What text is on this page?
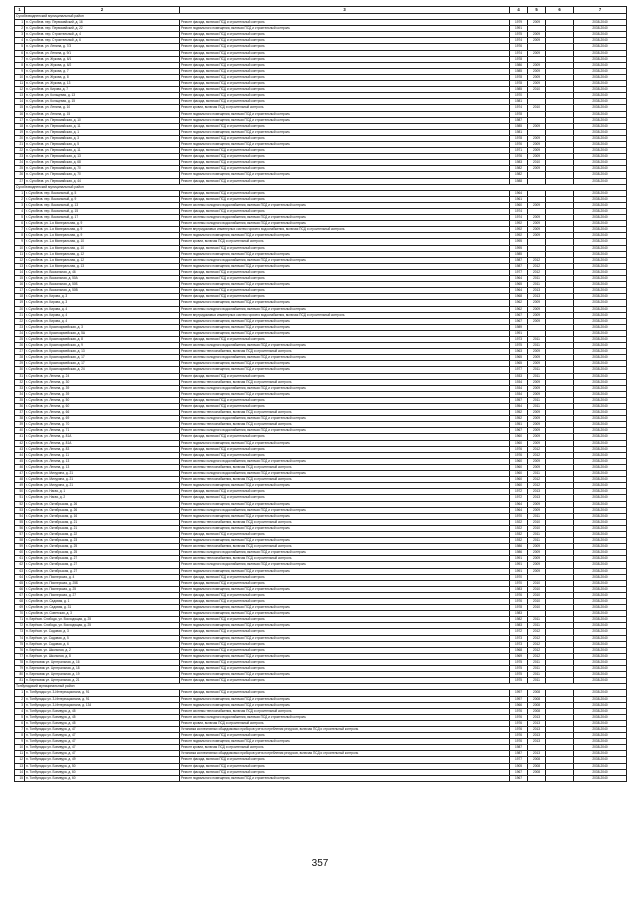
1	2	3	4	5	6	7
Сухобезводненский муниципальный район						
1	п. Сухобезв. пер. Первомайский, д. 16	Ремонт фасада, включая ПСД и строительный контроль	1979	2009		2038-2040
2	п. Сухобезв. пер. Первомайский, д. 22	Ремонт подвального помещения, включая ПСД и строительный контроль	1991			2038-2040
3	п. Сухобезв. пер. Строительный, д. 4	Ремонт фасада, включая ПСД и строительный контроль	1975	2009		2038-2040
4	п. Сухобезв. пер. Строительный, д. 6	Ремонт фасада, включая ПСД и строительный контроль	1974	2009		2038-2040
5	п. Сухобезв. ул. Ленина, д. 7/3	Ремонт фасада, включая ПСД и строительный контроль	1976			2038-2040
6	п. Сухобезв. ул. Ленина, д. 9/1	Ремонт фасада, включая ПСД и строительный контроль	1974	2009		2038-2040
7	п. Сухобезв. ул. Жукова, д. 6/1	Ремонт фасада, включая ПСД и строительный контроль	1978			2038-2040
8	п. Сухобезв. ул. Жукова, д. 6/2	Ремонт фасада, включая ПСД и строительный контроль	1986	2009		2038-2040
9	п. Сухобезв. ул. Жукова, д. 7	Ремонт фасада, включая ПСД и строительный контроль	1985	2009		2038-2040
10	п. Сухобезв. ул. Жукова, д. 8	Ремонт фасада, включая ПСД и строительный контроль	1978	2009		2038-2040
11	п. Сухобезв. ул. Жукова, д. 13	Ремонт фасада, включая ПСД и строительный контроль	1978	2009		2038-2040
12	п. Сухобезв. ул. Кирова, д. 7	Ремонт фасада, включая ПСД и строительный контроль	1985	2010		2038-2040
13	п. Сухобезв. ул. Кольцевая, д. 13	Ремонт фасада, включая ПСД и строительный контроль	1970			2038-2040
14	п. Сухобезв. ул. Кольцевая, д. 15	Ремонт фасада, включая ПСД и строительный контроль	1981			2038-2040
15	п. Сухобезв. ул. Ленина, д. 10	Ремонт кровли, включая ПСД и строительный контроль	1974	2010		2038-2040
16	п. Сухобезв. ул. Ленина, д. 15	Ремонт подвального помещения, включая ПСД и строительный контроль	1978			2038-2040
17	п. Сухобезв. ул. Первомайская, д. 10	Ремонт подвального помещения, включая ПСД и строительный контроль	1987			2038-2040
18	п. Сухобезв. ул. Первомайская, д. 11	Ремонт фасада, включая ПСД и строительный контроль	1985	2009		2038-2040
19	п. Сухобезв. ул. Первомайская, д. 1	Ремонт подвального помещения, включая ПСД и строительный контроль	1981			2038-2040
20	п. Сухобезв. ул. Первомайская, д. 3	Ремонт фасада, включая ПСД и строительный контроль	1978	2009		2038-2040
21	п. Сухобезв. ул. Первомайская, д. 5	Ремонт подвального помещения, включая ПСД и строительный контроль	1976	2009		2038-2040
22	п. Сухобезв. ул. Первомайская, д. 11	Ремонт фасада, включая ПСД и строительный контроль	1971	2009		2038-2040
23	п. Сухобезв. ул. Первомайская, д. 13	Ремонт фасада, включая ПСД и строительный контроль	1976	2009		2038-2040
24	п. Сухобезв. ул. Первомайская, д. 68	Ремонт фасада, включая ПСД и строительный контроль	1983	2010		2038-2040
25	п. Сухобезв. ул. Первомайская, д. 70	Ремонт фасада, включая ПСД и строительный контроль	1982	2009		2038-2040
26	п. Сухобезв. ул. Первомайская, д. 70	Ремонт подвального помещения, включая ПСД и строительный контроль	1982			2038-2040
27	п. Сухобезв. ул. Первомайская, д. 44	Ремонт фасада, включая ПСД и строительный контроль	1988			2038-2040
Сухобезводненский муниципальный район						
1	г. Сухобезв. пер. Вокзальный, д. 5	Ремонт фасада, включая ПСД и строительный контроль	1964			2038-2040
2	г. Сухобезв. пер. Вокзальный, д. 9	Ремонт фасада, включая ПСД и строительный контроль	1961			2038-2040
3	г. Сухобезв. пер. Вокзальный, д. 13	Ремонт системы холодного водоснабжения, включая ПСД и строительный контроль	1960	2009		2038-2040
4	г. Сухобезв. пер. Вокзальный, д. 15	Ремонт фасада, включая ПСД и строительный контроль	1974			2038-2040
5	г. Сухобезв. пер. Вокзальный, д. 17	Ремонт системы холодного водоснабжения, включая ПСД и строительный контроль	1974	2009		2038-2040
6	г. Сухобезв. ул. 1-я Минеральная, д. 9	Ремонт системы холодного водоснабжения, включая ПСД и строительный контроль	1992	2009		2038-2040
7	г. Сухобезв. ул. 1-я Минеральная, д. 9	Ремонт внутридомовых инженерных систем горячего водоснабжения, включая ПСД и строительный контроль	1992	2009		2038-2040
8	г. Сухобезв. ул. 1-я Минеральная, д. 9	Ремонт подвального помещения, включая ПСД и строительный контроль	1992	2009		2038-2040
9	г. Сухобезв. ул. 1-я Минеральная, д. 10	Ремонт кровли, включая ПСД и строительный контроль	1995			2038-2040
10	г. Сухобезв. ул. 1-я Минеральная, д. 10	Ремонт фасада, включая ПСД и строительный контроль	1995			2038-2040
11	г. Сухобезв. ул. 1-я Минеральная, д. 12	Ремонт подвального помещения, включая ПСД и строительный контроль	1985			2038-2040
12	г. Сухобезв. ул. 1-я Минеральная, д. 12	Ремонт системы холодного водоснабжения, включая ПСД и строительный контроль	1987	2012		2038-2040
13	г. Сухобезв. ул. 1-я Минеральная, д. 13	Ремонт подвального помещения, включая ПСД и строительный контроль	1987	2012		2038-2040
14	г. Сухобезв. ул. Вокзальная, д. 46	Ремонт фасада, включая ПСД и строительный контроль	1977	2012		2038-2040
15	г. Сухобезв. ул. Вокзальная, д. 50А	Ремонт фасада, включая ПСД и строительный контроль	1964	2011		2038-2040
16	г. Сухобезв. ул. Вокзальная, д. 50Б	Ремонт подвального помещения, включая ПСД и строительный контроль	1965	2011		2038-2040
17	г. Сухобезв. ул. Вокзальная, д. 50В	Ремонт фасада, включая ПСД и строительный контроль	1964	2013		2038-2040
18	г. Сухобезв. ул. Кирова, д. 3	Ремонт фасада, включая ПСД и строительный контроль	1968	2013		2038-2040
19	г. Сухобезв. ул. Кирова, д. 3	Ремонт подвального помещения, включая ПСД и строительный контроль	1962	2009		2038-2040
20	г. Сухобезв. ул. Кирова, д. 4	Ремонт системы холодного водоснабжения, включая ПСД и строительный контроль	1962	2009		2038-2040
21	г. Сухобезв. ул. Кирова, д. 4	Ремонт внутридомовых инженерных систем горячего водоснабжения, включая ПСД и строительный контроль	1967	2009		2038-2040
22	г. Сухобезв. ул. Кирова, д. 4	Ремонт подвального помещения, включая ПСД и строительный контроль	1967	2009		2038-2040
23	г. Сухобезв. ул. Красноармейская, д. 3	Ремонт подвального помещения, включая ПСД и строительный контроль	1989			2038-2040
24	г. Сухобезв. ул. Красноармейская, д. 5А	Ремонт подвального помещения, включая ПСД и строительный контроль	1991			2038-2040
25	г. Сухобезв. ул. Красноармейская, д. 8	Ремонт фасада, включая ПСД и строительный контроль	1973	2011		2038-2040
26	г. Сухобезв. ул. Красноармейская, д. 9	Ремонт системы холодного водоснабжения, включая ПСД и строительный контроль	1975	2011		2038-2040
27	г. Сухобезв. ул. Красноармейская, д. 13	Ремонт системы теплоснабжения, включая ПСД и строительный контроль	1963	2009		2038-2040
28	г. Сухобезв. ул. Красноармейская, д. 17	Ремонт системы холодного водоснабжения, включая ПСД и строительный контроль	1965	2009		2038-2040
29	г. Сухобезв. ул. Красноармейская, д. 17	Ремонт подвального помещения, включая ПСД и строительный контроль	1965	2009		2038-2040
30	г. Сухобезв. ул. Красноармейская, д. 24	Ремонт подвального помещения, включая ПСД и строительный контроль	1977	2011		2038-2040
31	г. Сухобезв. ул. Ленина, д. 24	Ремонт фасада, включая ПСД и строительный контроль	1933	2011		2038-2040
32	г. Сухобезв. ул. Ленина, д. 30	Ремонт системы теплоснабжения, включая ПСД и строительный контроль	1934	2009		2038-2040
33	г. Сухобезв. ул. Ленина, д. 39	Ремонт системы холодного водоснабжения, включая ПСД и строительный контроль	1934	2009		2038-2040
34	г. Сухобезв. ул. Ленина, д. 39	Ремонт подвального помещения, включая ПСД и строительный контроль	1934	2009		2038-2040
35	г. Сухобезв. ул. Ленина, д. 50	Ремонт фасада, включая ПСД и строительный контроль	1957	2011		2038-2040
36	г. Сухобезв. ул. Ленина, д. 60	Ремонт фасада, включая ПСД и строительный контроль	1954	2011		2038-2040
37	г. Сухобезв. ул. Ленина, д. 66	Ремонт системы теплоснабжения, включая ПСД и строительный контроль	1952	2009		2038-2040
38	г. Сухобезв. ул. Ленина, д. 69	Ремонт системы холодного водоснабжения, включая ПСД и строительный контроль	1952	2009		2038-2040
39	г. Сухобезв. ул. Ленина, д. 70	Ремонт системы теплоснабжения, включая ПСД и строительный контроль	1951	2009		2038-2040
40	г. Сухобезв. ул. Ленина, д. 71	Ремонт системы холодного водоснабжения, включая ПСД и строительный контроль	1967	2009		2038-2040
41	г. Сухобезв. ул. Ленина, д. 81А	Ремонт фасада, включая ПСД и строительный контроль	1960	2009		2038-2040
42	г. Сухобезв. ул. Ленина, д. 81А	Ремонт подвального помещения, включая ПСД и строительный контроль	1960	2009		2038-2040
43	г. Сухобезв. ул. Ленина, д. 83	Ремонт фасада, включая ПСД и строительный контроль	1976	2012		2038-2040
44	г. Сухобезв. ул. Ленина, д. 11	Ремонт фасада, включая ПСД и строительный контроль	1976	2012		2038-2040
45	г. Сухобезв. ул. Ленина, д. 13	Ремонт системы холодного водоснабжения, включая ПСД и строительный контроль	1960	2009		2038-2040
46	г. Сухобезв. ул. Ленина, д. 13	Ремонт системы теплоснабжения, включая ПСД и строительный контроль	1960	2009		2038-2040
47	г. Сухобезв. ул. Мичурина, д. 21	Ремонт системы холодного водоснабжения, включая ПСД и строительный контроль	1960	2011		2038-2040
48	г. Сухобезв. ул. Мичурина, д. 21	Ремонт системы теплоснабжения, включая ПСД и строительный контроль	1960	2012		2038-2040
49	г. Сухобезв. ул. Мичурина, д. 21	Ремонт подвального помещения, включая ПСД и строительный контроль	1960	2012		2038-2040
50	г. Сухобезв. ул. Нагая, д. 1	Ремонт фасада, включая ПСД и строительный контроль	1972	2013		2038-2040
51	г. Сухобезв. ул. Нагая, д. 2	Ремонт фасада, включая ПСД и строительный контроль	1972	2013		2038-2040
52	г. Сухобезв. ул. Октябрьская, д. 26	Ремонт подвального помещения, включая ПСД и строительный контроль	1964	2009		2038-2040
53	г. Сухобезв. ул. Октябрьская, д. 26	Ремонт системы холодного водоснабжения, включая ПСД и строительный контроль	1964	2009		2038-2040
54	г. Сухобезв. ул. Октябрьская, д. 16	Ремонт подвального помещения, включая ПСД и строительный контроль	1970	2011		2038-2040
55	г. Сухобезв. ул. Октябрьская, д. 21	Ремонт системы теплоснабжения, включая ПСД и строительный контроль	1922	2010		2038-2040
56	г. Сухобезв. ул. Октябрьская, д. 21	Ремонт подвального помещения, включая ПСД и строительный контроль	1922	2010		2038-2040
57	г. Сухобезв. ул. Октябрьская, д. 22	Ремонт фасада, включая ПСД и строительный контроль	1932	2011		2038-2040
58	г. Сухобезв. ул. Октябрьская, д. 23	Ремонт подвального помещения, включая ПСД и строительный контроль	1932	2011		2038-2040
59	г. Сухобезв. ул. Октябрьская, д. 25	Ремонт системы теплоснабжения, включая ПСД и строительный контроль	1986	2009		2038-2040
60	г. Сухобезв. ул. Октябрьская, д. 25	Ремонт системы холодного водоснабжения, включая ПСД и строительный контроль	1986	2009		2038-2040
61	г. Сухобезв. ул. Октябрьская, д. 27	Ремонт системы теплоснабжения, включая ПСД и строительный контроль	1991	2009		2038-2040
62	г. Сухобезв. ул. Октябрьская, д. 27	Ремонт системы холодного водоснабжения, включая ПСД и строительный контроль	1991	2009		2038-2040
63	г. Сухобезв. ул. Октябрьская, д. 27	Ремонт подвального помещения, включая ПСД и строительный контроль	1991	2009		2038-2040
64	г. Сухобезв. ул. Пионерская, д. 4	Ремонт фасада, включая ПСД и строительный контроль	1970			2038-2040
65	г. Сухобезв. ул. Пионерская, д. 25Б	Ремонт фасада, включая ПСД и строительный контроль	1970	2010		2038-2040
66	г. Сухобезв. ул. Пионерская, д. 25	Ремонт подвального помещения, включая ПСД и строительный контроль	1983	2010		2038-2040
67	г. Сухобезв. ул. Пионерская, д. 27	Ремонт фасада, включая ПСД и строительный контроль	1976	2010		2038-2040
68	г. Сухобезв. ул. Садовая, д. 1	Ремонт фасада, включая ПСД и строительный контроль	1976	2010		2038-2040
69	г. Сухобезв. ул. Садовая, д. 31	Ремонт подвального помещения, включая ПСД и строительный контроль	1978	2010		2038-2040
70	г. Сухобезв. ул. Советская, д. 3	Ремонт подвального помещения, включая ПСД и строительный контроль	1983			2038-2040
71	п. Берёзов. Слобода, ул. Восходящая, д. 25	Ремонт фасада, включая ПСД и строительный контроль	1982	2011		2038-2040
72	п. Берёзов. Слобода, ул. Восходящая, д. 25	Ремонт подвального помещения, включая ПСД и строительный контроль	1983	2011		2038-2040
73	п. Берёзов. ул. Садовая, д. 3	Ремонт фасада, включая ПСД и строительный контроль	1972	2012		2038-2040
74	п. Берёзов. ул. Садовая, д. 5	Ремонт подвального помещения, включая ПСД и строительный контроль	1973	2012		2038-2040
75	п. Берёзов. ул. Садовая, д. 6	Ремонт фасада, включая ПСД и строительный контроль	1973	2012		2038-2040
76	п. Берёзов. ул. Школьная, д. 2	Ремонт фасада, включая ПСД и строительный контроль	1968	2012		2038-2040
77	п. Берёзов. ул. Школьная, д. 8	Ремонт подвального помещения, включая ПСД и строительный контроль	1969	2012		2038-2040
78	п. Березовик ул. Центральная, д. 16	Ремонт фасада, включая ПСД и строительный контроль	1975	2011		2038-2040
79	п. Березовик ул. Центральная, д. 18	Ремонт фасада, включая ПСД и строительный контроль	1975	2011		2038-2040
80	п. Березовик ул. Центральная, д. 19	Ремонт подвального помещения, включая ПСД и строительный контроль	1975	2011		2038-2040
81	п. Березовик ул. Центральная, д. 21	Ремонт фасада, включая ПСД и строительный контроль	1975	2011		2038-2040
Тонбунадский муниципальный район						
1	п. Тонбунадск ул. 3-Интернационала, д. 91	Ремонт фасада, включая ПСД и строительный контроль	1997	2008		2038-2040
2	п. Тонбунадск ул. 3-Интернационала, д. 91	Ремонт подвального помещения, включая ПСД и строительный контроль	1997	2008		2038-2040
3	п. Тонбунадск ул. 3-Интернационала, д. 134	Ремонт подвального помещения, включая ПСД и строительный контроль	1966	2008		2038-2040
4	п. Тонбунадск ул. Бонивура, д. 45	Ремонт системы теплоснабжения, включая ПСД и строительный контроль	1976	2008		2038-2040
5	п. Тонбунадск ул. Бонивура, д. 45	Ремонт системы холодного водоснабжения, включая ПСД и строительный контроль	1976	2013		2038-2040
6	п. Тонбунадск ул. Бонивура, д. 45	Ремонт кровли, включая ПСД и строительный контроль	1976	2013		2038-2040
7	п. Тонбунадск ул. Бонивура, д. 47	Установка коллективных общедомовых приборов учета потребления ресурсов, включая ПСД и строительный контроль	1976	2013		2038-2040
8	п. Тонбунадск ул. Бонивура, д. 47	Ремонт фасада, включая ПСД и строительный контроль	1976	2013		2038-2040
9	п. Тонбунадск ул. Бонивура, д. 47	Ремонт подвального помещения, включая ПСД и строительный контроль	1976	2013		2038-2040
10	п. Тонбунадск ул. Бонивура, д. 47	Ремонт кровли, включая ПСД и строительный контроль	1987			2038-2040
11	п. Тонбунадск ул. Бонивура, д. 47	Установка коллективных общедомовых приборов учета потребления ресурсов, включая ПСД и строительный контроль	1987	2013		2038-2040
12	п. Тонбунадск ул. Бонивура, д. 49	Ремонт фасада, включая ПСД и строительный контроль	1977	2008		2038-2040
13	п. Тонбунадск ул. Бонивура, д. 50	Ремонт фасада, включая ПСД и строительный контроль	1905	2008		2038-2040
14	п. Тонбунадск ул. Бонивура, д. 60	Ремонт фасада, включая ПСД и строительный контроль	1967	2008		2038-2040
15	п. Тонбунадск ул. Бонивура, д. 60	Ремонт подвального помещения, включая ПСД и строительный контроль	1967			2038-2040
357
